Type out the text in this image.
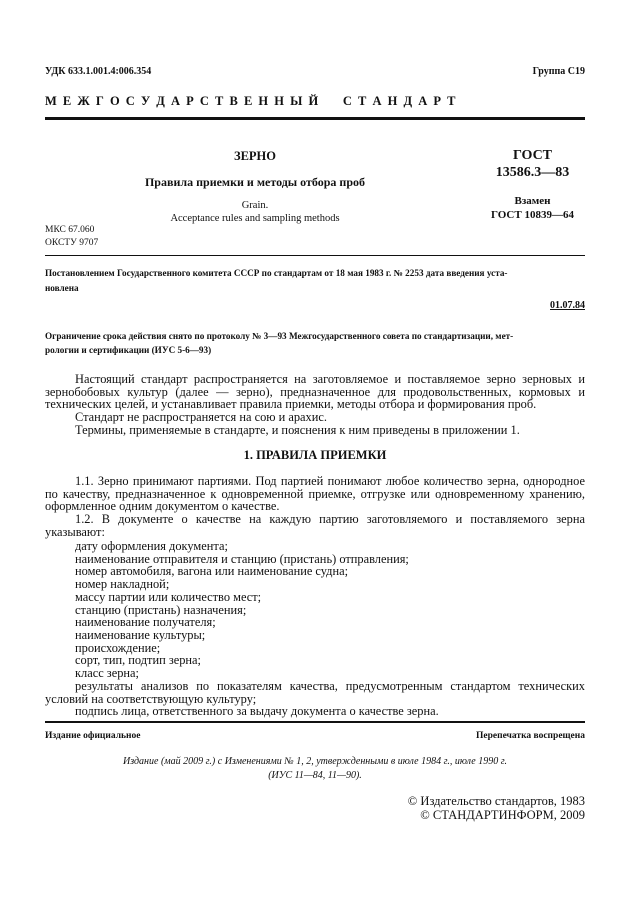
УДК 633.1.001.4:006.354	Группа С19
М Е Ж Г О С У Д А Р С Т В Е Н Н Ы Й     С Т А Н Д А Р Т
ЗЕРНО
Правила приемки и методы отбора проб
Grain.
Acceptance rules and sampling methods
ГОСТ
13586.3—83
Взамен
ГОСТ 10839—64
МКС 67.060
ОКСТУ 9707
Постановлением Государственного комитета СССР по стандартам от 18 мая 1983 г. № 2253 дата введения уста-
новлена
01.07.84
Ограничение срока действия снято по протоколу № 3—93 Межгосударственного совета по стандартизации, мет-
рологии и сертификации (ИУС 5-6—93)

Настоящий стандарт распространяется на заготовляемое и поставляемое зерно зерновых и зернобобовых культур (далее — зерно), предназначенное для продовольственных, кормовых и технических целей, и устанавливает правила приемки, методы отбора и формирования проб.

Стандарт не распространяется на сою и арахис.

Термины, применяемые в стандарте, и пояснения к ним приведены в приложении 1.

1. ПРАВИЛА ПРИЕМКИ

1.1. Зерно принимают партиями. Под партией понимают любое количество зерна, однородное по качеству, предназначенное к одновременной приемке, отгрузке или одновременному хранению, оформленное одним документом о качестве.

1.2. В документе о качестве на каждую партию заготовляемого и поставляемого зерна указывают:

дату оформления документа;
наименование отправителя и станцию (пристань) отправления;
номер автомобиля, вагона или наименование судна;
номер накладной;
массу партии или количество мест;
станцию (пристань) назначения;
наименование получателя;
наименование культуры;
происхождение;
сорт, тип, подтип зерна;
класс зерна;

результаты анализов по показателям качества, предусмотренным стандартом технических условий на соответствующую культуру;

подпись лица, ответственного за выдачу документа о качестве зерна.

Издание официальное	Перепечатка воспрещена
Издание (май 2009 г.) с Изменениями № 1, 2, утвержденными в июле 1984 г., июле 1990 г.
(ИУС 11—84, 11—90).
© Издательство стандартов, 1983
© СТАНДАРТИНФОРМ, 2009
